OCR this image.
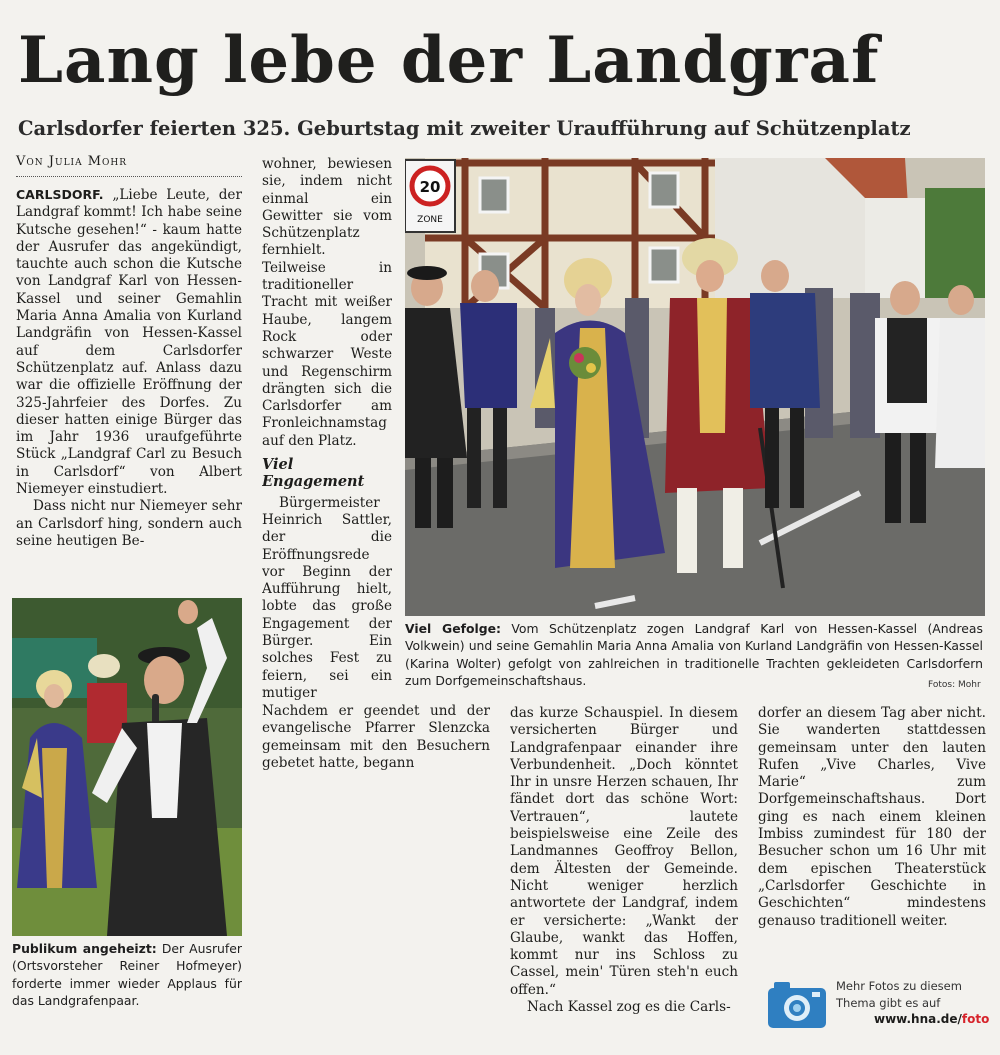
Lang lebe der Landgraf
Carlsdorfer feierten 325. Geburtstag mit zweiter Uraufführung auf Schützenplatz
Von Julia Mohr

CARLSDORF. „Liebe Leute, der Landgraf kommt! Ich habe seine Kutsche gesehen!“ - kaum hatte der Ausrufer das angekündigt, tauchte auch schon die Kutsche von Landgraf Karl von Hessen-Kassel und seiner Gemahlin Maria Anna Amalia von Kurland Landgräfin von Hessen-Kassel auf dem Carlsdorfer Schützenplatz auf. Anlass dazu war die offizielle Eröffnung der 325-Jahrfeier des Dorfes. Zu dieser hatten einige Bürger das im Jahr 1936 uraufgeführte Stück „Landgraf Carl zu Besuch in Carlsdorf“ von Albert Niemeyer einstudiert.

Dass nicht nur Niemeyer sehr an Carlsdorf hing, sondern auch seine heutigen Be-

Publikum angeheizt: Der Ausrufer (Ortsvorsteher Reiner Hofmeyer) forderte immer wieder Applaus für das Landgrafenpaar.

wohner, bewiesen sie, indem nicht einmal ein Gewitter sie vom Schützenplatz fernhielt. Teilweise in traditioneller Tracht mit weißer Haube, langem Rock oder schwarzer Weste und Regenschirm drängten sich die Carlsdorfer am Fronleichnamstag auf den Platz.

Viel Engagement

Bürgermeister Heinrich Sattler, der die Eröffnungsrede vor Beginn der Aufführung hielt, lobte das große Engagement der Bürger. Ein solches Fest zu feiern, sei ein mutiger

20
ZONE
Viel Gefolge: Vom Schützenplatz zogen Landgraf Karl von Hessen-Kassel (Andreas Volkwein) und seine Gemahlin Maria Anna Amalia von Kurland Landgräfin von Hessen-Kassel (Karina Wolter) gefolgt von zahlreichen in traditionelle Trachten gekleideten Carlsdorfern zum Dorfgemeinschaftshaus.	Fotos: Mohr

Nachdem er geendet und der evangelische Pfarrer Slenzcka gemeinsam mit den Besuchern gebetet hatte, begann

das kurze Schauspiel. In diesem versicherten Bürger und Landgrafenpaar einander ihre Verbundenheit. „Doch könntet Ihr in unsre Herzen schauen, Ihr fändet dort das schöne Wort: Vertrauen“, lautete beispielsweise eine Zeile des Landmannes Geoffroy Bellon, dem Ältesten der Gemeinde. Nicht weniger herzlich antwortete der Landgraf, indem er versicherte: „Wankt der Glaube, wankt das Hoffen, kommt nur ins Schloss zu Cassel, mein' Türen steh'n euch offen.“

Nach Kassel zog es die Carls-

dorfer an diesem Tag aber nicht. Sie wanderten stattdessen gemeinsam unter den lauten Rufen „Vive Charles, Vive Marie“ zum Dorfgemeinschaftshaus. Dort ging es nach einem kleinen Imbiss zumindest für 180 der Besucher schon um 16 Uhr mit dem epischen Theaterstück „Carlsdorfer Geschichte in Geschichten“ mindestens genauso traditionell weiter.

Mehr Fotos zu diesem Thema gibt es auf
www.hna.de/foto
